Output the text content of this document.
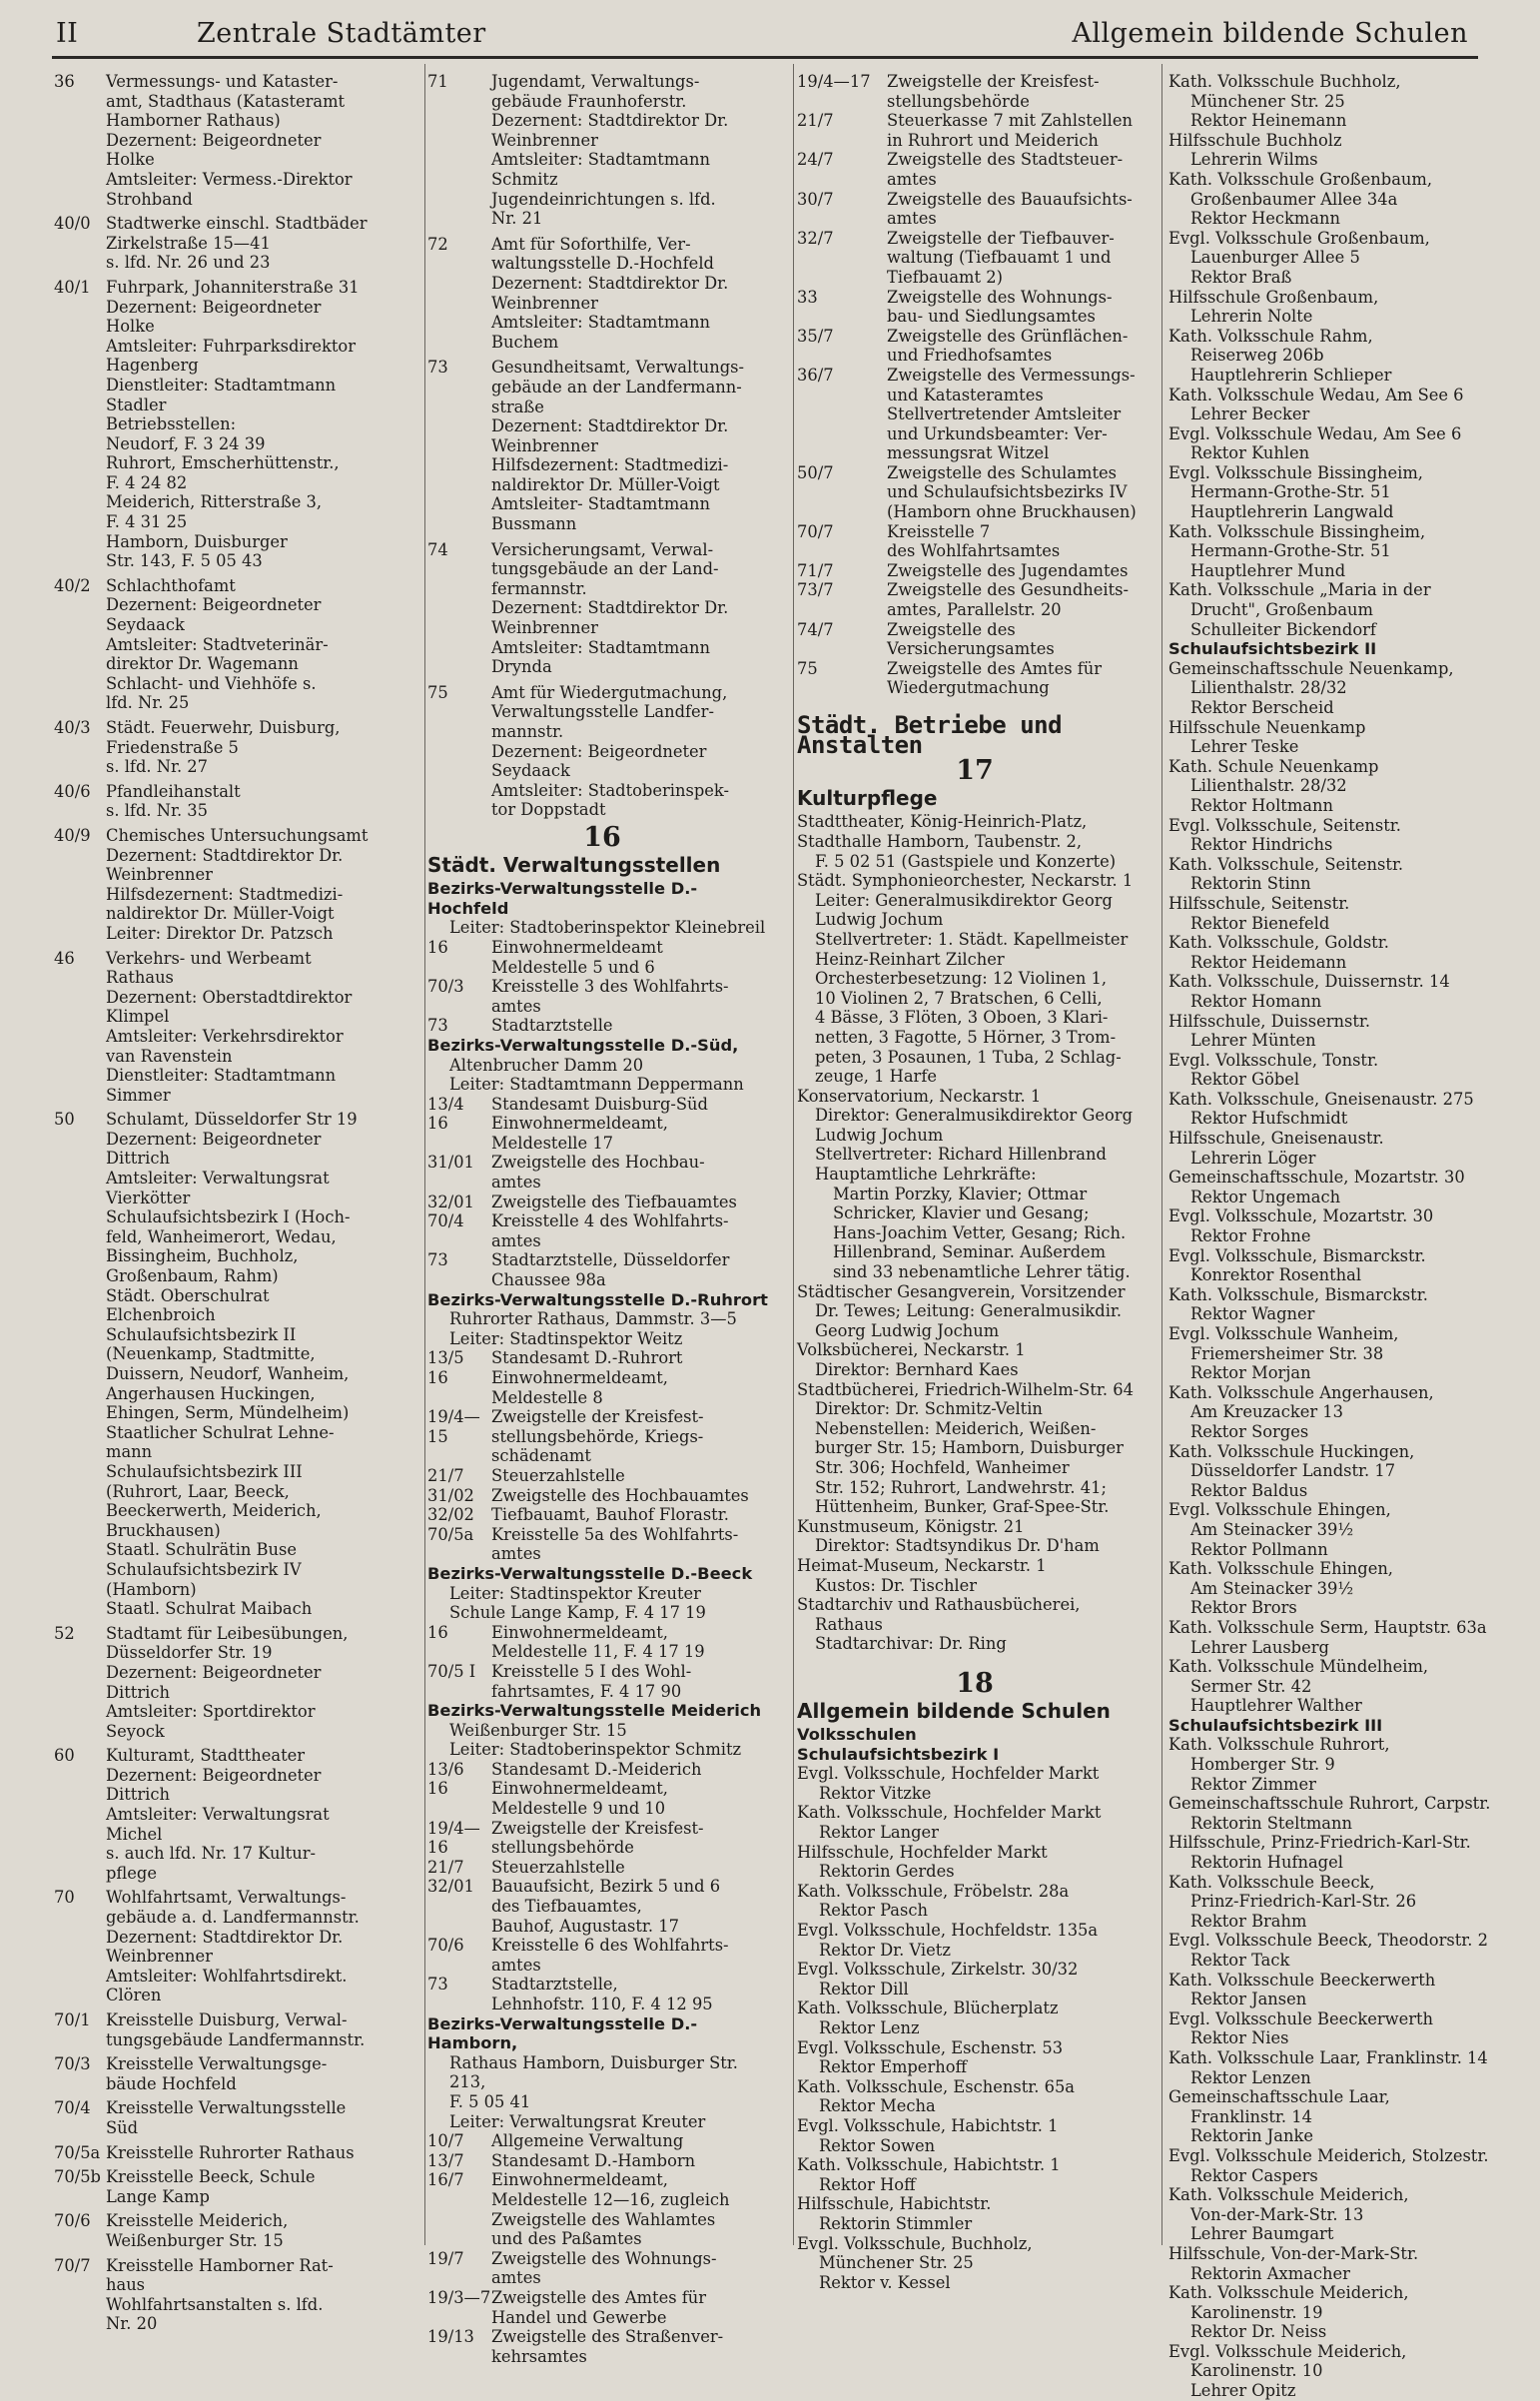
II	Zentrale Stadtämter	Allgemein bildende Schulen
36	Vermessungs- und Kataster-
amt, Stadthaus (Katasteramt
Hamborner Rathaus)
Dezernent: Beigeordneter
Holke
Amtsleiter: Vermess.-Direktor
Strohband
40/0 Stadtwerke einschl. Stadtbäder
Zirkelstraße 15—41
s. lfd. Nr. 26 und 23
40/1 Fuhrpark, Johanniterstraße 31
Dezernent: Beigeordneter
Holke
Amtsleiter: Fuhrparksdirektor
Hagenberg
Dienstleiter: Stadtamtmann
Stadler
Betriebsstellen:
Neudorf, F. 3 24 39
Ruhrort, Emscherhüttenstr.,
F. 4 24 82
Meiderich, Ritterstraße 3,
F. 4 31 25
Hamborn, Duisburger
Str. 143, F. 5 05 43
40/2 Schlachthofamt
Dezernent: Beigeordneter
Seydaack
Amtsleiter: Stadtveterinär-
direktor Dr. Wagemann
Schlacht- und Viehhöfe s.
lfd. Nr. 25
40/3 Städt. Feuerwehr, Duisburg,
Friedenstraße 5
s. lfd. Nr. 27
40/6 Pfandleihanstalt
s. lfd. Nr. 35
40/9 Chemisches Untersuchungsamt
Dezernent: Stadtdirektor Dr.
Weinbrenner
Hilfsdezernent: Stadtmedizi-
naldirektor Dr. Müller-Voigt
Leiter: Direktor Dr. Patzsch
46	Verkehrs- und Werbeamt
Rathaus
Dezernent: Oberstadtdirektor
Klimpel
Amtsleiter: Verkehrsdirektor
van Ravenstein
Dienstleiter: Stadtamtmann
Simmer
50	Schulamt, Düsseldorfer Str 19
Dezernent: Beigeordneter
Dittrich
Amtsleiter: Verwaltungsrat
Vierkötter
Schulaufsichtsbezirk I (Hoch-
feld, Wanheimerort, Wedau,
Bissingheim, Buchholz,
Großenbaum, Rahm)
Städt. Oberschulrat
Elchenbroich
Schulaufsichtsbezirk II
(Neuenkamp, Stadtmitte,
Duissern, Neudorf, Wanheim,
Angerhausen Huckingen,
Ehingen, Serm, Mündelheim)
Staatlicher Schulrat Lehne-
mann
Schulaufsichtsbezirk III
(Ruhrort, Laar, Beeck,
Beeckerwerth, Meiderich,
Bruckhausen)
Staatl. Schulrätin Buse
Schulaufsichtsbezirk IV
(Hamborn)
Staatl. Schulrat Maibach
52	Stadtamt für Leibesübungen,
Düsseldorfer Str. 19
Dezernent: Beigeordneter
Dittrich
Amtsleiter: Sportdirektor
Seyock
60	Kulturamt, Stadttheater
Dezernent: Beigeordneter
Dittrich
Amtsleiter: Verwaltungsrat
Michel
s. auch lfd. Nr. 17 Kultur-
pflege
70	Wohlfahrtsamt, Verwaltungs-
gebäude a. d. Landfermannstr.
Dezernent: Stadtdirektor Dr.
Weinbrenner
Amtsleiter: Wohlfahrtsdirekt.
Clören
70/1 Kreisstelle Duisburg, Verwal-
tungsgebäude Landfermannstr.
70/3 Kreisstelle Verwaltungsge-
bäude Hochfeld
70/4 Kreisstelle Verwaltungsstelle
Süd
70/5a Kreisstelle Ruhrorter Rathaus
70/5b Kreisstelle Beeck, Schule
Lange Kamp
70/6 Kreisstelle Meiderich,
Weißenburger Str. 15
70/7 Kreisstelle Hamborner Rat-
haus
Wohlfahrtsanstalten s. lfd.
Nr. 20
71	Jugendamt, Verwaltungs-
gebäude Fraunhoferstr.
Dezernent: Stadtdirektor Dr.
Weinbrenner
Amtsleiter: Stadtamtmann
Schmitz
Jugendeinrichtungen s. lfd.
Nr. 21
72	Amt für Soforthilfe, Ver-
waltungsstelle D.-Hochfeld
Dezernent: Stadtdirektor Dr.
Weinbrenner
Amtsleiter: Stadtamtmann
Buchem
73	Gesundheitsamt, Verwaltungs-
gebäude an der Landfermann-
straße
Dezernent: Stadtdirektor Dr.
Weinbrenner
Hilfsdezernent: Stadtmedizi-
naldirektor Dr. Müller-Voigt
Amtsleiter- Stadtamtmann
Bussmann
74	Versicherungsamt, Verwal-
tungsgebäude an der Land-
fermannstr.
Dezernent: Stadtdirektor Dr.
Weinbrenner
Amtsleiter: Stadtamtmann
Drynda
75	Amt für Wiedergutmachung,
Verwaltungsstelle Landfer-
mannstr.
Dezernent: Beigeordneter
Seydaack
Amtsleiter: Stadtoberinspek-
tor Doppstadt
16
Städt. Verwaltungsstellen
Bezirks-Verwaltungsstelle D.-Hochfeld
Leiter: Stadtoberinspektor Kleinebreil
16	Einwohnermeldeamt
Meldestelle 5 und 6
70/3	Kreisstelle 3 des Wohlfahrts-
amtes
73	Stadtarztstelle
Bezirks-Verwaltungsstelle D.-Süd,
Altenbrucher Damm 20
Leiter: Stadtamtmann Deppermann
13/4	Standesamt Duisburg-Süd
16	Einwohnermeldeamt,
Meldestelle 17
31/01	Zweigstelle des Hochbau-
amtes
32/01	Zweigstelle des Tiefbauamtes
70/4	Kreisstelle 4 des Wohlfahrts-
amtes
73	Stadtarztstelle, Düsseldorfer
Chaussee 98a
Bezirks-Verwaltungsstelle D.-Ruhrort
Ruhrorter Rathaus, Dammstr. 3—5
Leiter: Stadtinspektor Weitz
13/5	Standesamt D.-Ruhrort
16	Einwohnermeldeamt,
Meldestelle 8
19/4—15
Zweigstelle der Kreisfest-
stellungsbehörde, Kriegs-
schädenamt
21/7	Steuerzahlstelle
31/02	Zweigstelle des Hochbauamtes
32/02	Tiefbauamt, Bauhof Florastr.
70/5a	Kreisstelle 5a des Wohlfahrts-
amtes
Bezirks-Verwaltungsstelle D.-Beeck
Leiter: Stadtinspektor Kreuter
Schule Lange Kamp, F. 4 17 19
16	Einwohnermeldeamt,
Meldestelle 11, F. 4 17 19
70/5 I Kreisstelle 5 I des Wohl-
fahrtsamtes, F. 4 17 90
Bezirks-Verwaltungsstelle Meiderich
Weißenburger Str. 15
Leiter: Stadtoberinspektor Schmitz
13/6	Standesamt D.-Meiderich
16	Einwohnermeldeamt,
Meldestelle 9 und 10
19/4—16
Zweigstelle der Kreisfest-
stellungsbehörde
21/7	Steuerzahlstelle
32/01	Bauaufsicht, Bezirk 5 und 6
des Tiefbauamtes,
Bauhof, Augustastr. 17
70/6	Kreisstelle 6 des Wohlfahrts-
amtes
73	Stadtarztstelle,
Lehnhofstr. 110, F. 4 12 95
Bezirks-Verwaltungsstelle D.-Hamborn,
Rathaus Hamborn, Duisburger Str. 213,
F. 5 05 41
Leiter: Verwaltungsrat Kreuter
10/7	Allgemeine Verwaltung
13/7	Standesamt D.-Hamborn
16/7	Einwohnermeldeamt,
Meldestelle 12—16, zugleich
Zweigstelle des Wahlamtes
und des Paßamtes
19/7	Zweigstelle des Wohnungs-
amtes
19/3—7 Zweigstelle des Amtes für
Handel und Gewerbe
19/13	Zweigstelle des Straßenver-
kehrsamtes
19/4—17	Zweigstelle der Kreisfest-
stellungsbehörde
21/7	Steuerkasse 7 mit Zahlstellen
in Ruhrort und Meiderich
24/7	Zweigstelle des Stadtsteuer-
amtes
30/7	Zweigstelle des Bauaufsichts-
amtes
32/7	Zweigstelle der Tiefbauver-
waltung (Tiefbauamt 1 und
Tiefbauamt 2)
33	Zweigstelle des Wohnungs-
bau- und Siedlungsamtes
35/7	Zweigstelle des Grünflächen-
und Friedhofsamtes
36/7	Zweigstelle des Vermessungs-
und Katasteramtes
Stellvertretender Amtsleiter
und Urkundsbeamter: Ver-
messungsrat Witzel
50/7	Zweigstelle des Schulamtes
und Schulaufsichtsbezirks IV
(Hamborn ohne Bruckhausen)
70/7	Kreisstelle 7
des Wohlfahrtsamtes
71/7	Zweigstelle des Jugendamtes
73/7	Zweigstelle des Gesundheits-
amtes, Parallelstr. 20
74/7	Zweigstelle des
Versicherungsamtes
75	Zweigstelle des Amtes für
Wiedergutmachung
Städt. Betriebe und Anstalten
17
Kulturpflege
Stadttheater, König-Heinrich-Platz,
Stadthalle Hamborn, Taubenstr. 2,
F. 5 02 51 (Gastspiele und Konzerte)
Städt. Symphonieorchester, Neckarstr. 1
Leiter: Generalmusikdirektor Georg
Ludwig Jochum
Stellvertreter: 1. Städt. Kapellmeister
Heinz-Reinhart Zilcher
Orchesterbesetzung: 12 Violinen 1,
10 Violinen 2, 7 Bratschen, 6 Celli,
4 Bässe, 3 Flöten, 3 Oboen, 3 Klari-
netten, 3 Fagotte, 5 Hörner, 3 Trom-
peten, 3 Posaunen, 1 Tuba, 2 Schlag-
zeuge, 1 Harfe
Konservatorium, Neckarstr. 1
Direktor: Generalmusikdirektor Georg
Ludwig Jochum
Stellvertreter: Richard Hillenbrand
Hauptamtliche Lehrkräfte:
Martin Porzky, Klavier; Ottmar
Schricker, Klavier und Gesang;
Hans-Joachim Vetter, Gesang; Rich.
Hillenbrand, Seminar. Außerdem
sind 33 nebenamtliche Lehrer tätig.
Städtischer Gesangverein, Vorsitzender
Dr. Tewes; Leitung: Generalmusikdir.
Georg Ludwig Jochum
Volksbücherei, Neckarstr. 1
Direktor: Bernhard Kaes
Stadtbücherei, Friedrich-Wilhelm-Str. 64
Direktor: Dr. Schmitz-Veltin
Nebenstellen: Meiderich, Weißen-
burger Str. 15; Hamborn, Duisburger
Str. 306; Hochfeld, Wanheimer
Str. 152; Ruhrort, Landwehrstr. 41;
Hüttenheim, Bunker, Graf-Spee-Str.
Kunstmuseum, Königstr. 21
Direktor: Stadtsyndikus Dr. D'ham
Heimat-Museum, Neckarstr. 1
Kustos: Dr. Tischler
Stadtarchiv und Rathausbücherei,
Rathaus
Stadtarchivar: Dr. Ring
18
Allgemein bildende Schulen
Volksschulen
Schulaufsichtsbezirk I
Evgl. Volksschule, Hochfelder Markt
Rektor Vitzke
Kath. Volksschule, Hochfelder Markt
Rektor Langer
Hilfsschule, Hochfelder Markt
Rektorin Gerdes
Kath. Volksschule, Fröbelstr. 28a
Rektor Pasch
Evgl. Volksschule, Hochfeldstr. 135a
Rektor Dr. Vietz
Evgl. Volksschule, Zirkelstr. 30/32
Rektor Dill
Kath. Volksschule, Blücherplatz
Rektor Lenz
Evgl. Volksschule, Eschenstr. 53
Rektor Emperhoff
Kath. Volksschule, Eschenstr. 65a
Rektor Mecha
Evgl. Volksschule, Habichtstr. 1
Rektor Sowen
Kath. Volksschule, Habichtstr. 1
Rektor Hoff
Hilfsschule, Habichtstr.
Rektorin Stimmler
Evgl. Volksschule, Buchholz,
Münchener Str. 25
Rektor v. Kessel
Kath. Volksschule Buchholz,
Münchener Str. 25
Rektor Heinemann
Hilfsschule Buchholz
Lehrerin Wilms
Kath. Volksschule Großenbaum,
Großenbaumer Allee 34a
Rektor Heckmann
Evgl. Volksschule Großenbaum,
Lauenburger Allee 5
Rektor Braß
Hilfsschule Großenbaum,
Lehrerin Nolte
Kath. Volksschule Rahm,
Reiserweg 206b
Hauptlehrerin Schlieper
Kath. Volksschule Wedau, Am See 6
Lehrer Becker
Evgl. Volksschule Wedau, Am See 6
Rektor Kuhlen
Evgl. Volksschule Bissingheim,
Hermann-Grothe-Str. 51
Hauptlehrerin Langwald
Kath. Volksschule Bissingheim,
Hermann-Grothe-Str. 51
Hauptlehrer Mund
Kath. Volksschule „Maria in der
Drucht", Großenbaum
Schulleiter Bickendorf
Schulaufsichtsbezirk II
Gemeinschaftsschule Neuenkamp,
Lilienthalstr. 28/32
Rektor Berscheid
Hilfsschule Neuenkamp
Lehrer Teske
Kath. Schule Neuenkamp
Lilienthalstr. 28/32
Rektor Holtmann
Evgl. Volksschule, Seitenstr.
Rektor Hindrichs
Kath. Volksschule, Seitenstr.
Rektorin Stinn
Hilfsschule, Seitenstr.
Rektor Bienefeld
Kath. Volksschule, Goldstr.
Rektor Heidemann
Kath. Volksschule, Duissernstr. 14
Rektor Homann
Hilfsschule, Duissernstr.
Lehrer Münten
Evgl. Volksschule, Tonstr.
Rektor Göbel
Kath. Volksschule, Gneisenaustr. 275
Rektor Hufschmidt
Hilfsschule, Gneisenaustr.
Lehrerin Löger
Gemeinschaftsschule, Mozartstr. 30
Rektor Ungemach
Evgl. Volksschule, Mozartstr. 30
Rektor Frohne
Evgl. Volksschule, Bismarckstr.
Konrektor Rosenthal
Kath. Volksschule, Bismarckstr.
Rektor Wagner
Evgl. Volksschule Wanheim,
Friemersheimer Str. 38
Rektor Morjan
Kath. Volksschule Angerhausen,
Am Kreuzacker 13
Rektor Sorges
Kath. Volksschule Huckingen,
Düsseldorfer Landstr. 17
Rektor Baldus
Evgl. Volksschule Ehingen,
Am Steinacker 39½
Rektor Pollmann
Kath. Volksschule Ehingen,
Am Steinacker 39½
Rektor Brors
Kath. Volksschule Serm, Hauptstr. 63a
Lehrer Lausberg
Kath. Volksschule Mündelheim,
Sermer Str. 42
Hauptlehrer Walther
Schulaufsichtsbezirk III
Kath. Volksschule Ruhrort,
Homberger Str. 9
Rektor Zimmer
Gemeinschaftsschule Ruhrort, Carpstr.
Rektorin Steltmann
Hilfsschule, Prinz-Friedrich-Karl-Str.
Rektorin Hufnagel
Kath. Volksschule Beeck,
Prinz-Friedrich-Karl-Str. 26
Rektor Brahm
Evgl. Volksschule Beeck, Theodorstr. 2
Rektor Tack
Kath. Volksschule Beeckerwerth
Rektor Jansen
Evgl. Volksschule Beeckerwerth
Rektor Nies
Kath. Volksschule Laar, Franklinstr. 14
Rektor Lenzen
Gemeinschaftsschule Laar,
Franklinstr. 14
Rektorin Janke
Evgl. Volksschule Meiderich, Stolzestr.
Rektor Caspers
Kath. Volksschule Meiderich,
Von-der-Mark-Str. 13
Lehrer Baumgart
Hilfsschule, Von-der-Mark-Str.
Rektorin Axmacher
Kath. Volksschule Meiderich,
Karolinenstr. 19
Rektor Dr. Neiss
Evgl. Volksschule Meiderich,
Karolinenstr. 10
Lehrer Opitz
